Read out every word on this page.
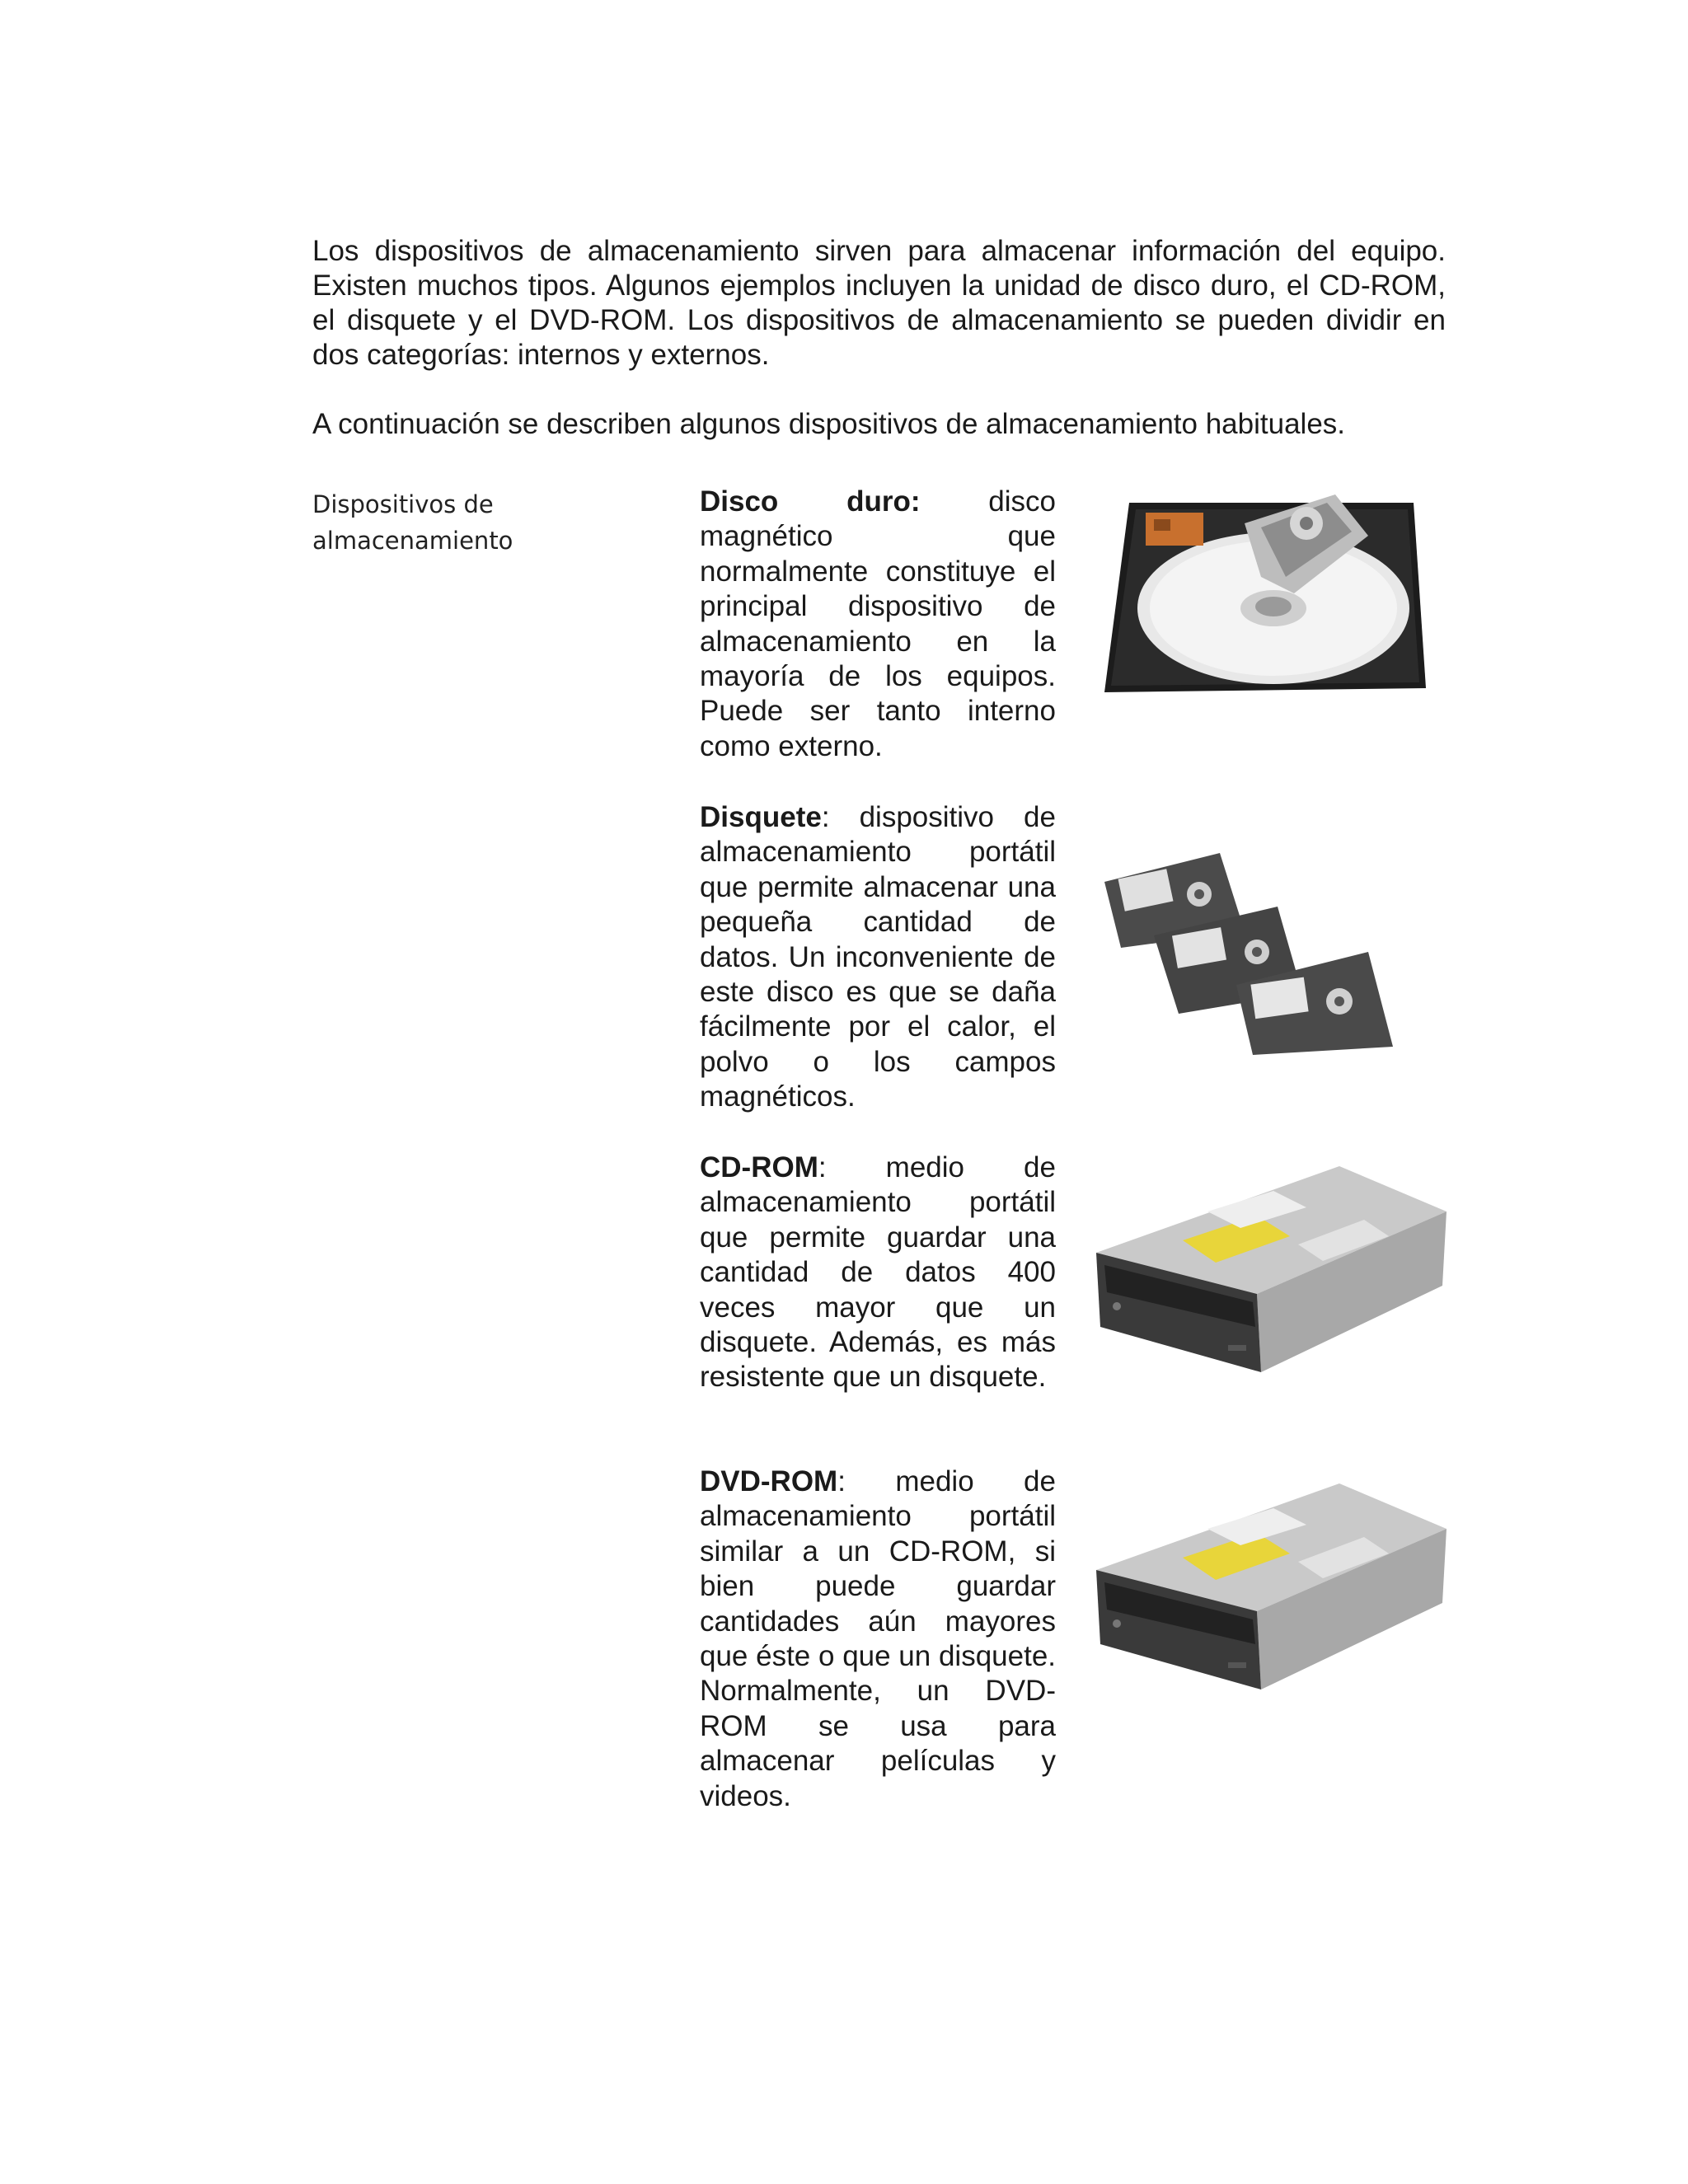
Los dispositivos de almacenamiento sirven para almacenar información del equipo. Existen muchos tipos. Algunos ejemplos incluyen la unidad de disco duro, el CD-ROM, el disquete y el DVD-ROM. Los dispositivos de almacenamiento se pueden dividir en dos categorías: internos y externos.

A continuación se describen algunos dispositivos de almacenamiento habituales.

Dispositivos de almacenamiento
Disco duro: disco magnético que normalmente constituye el principal dispositivo de almacenamiento en la mayoría de los equipos. Puede ser tanto interno como externo.
Disquete: dispositivo de almacenamiento portátil que permite almacenar una pequeña cantidad de datos. Un inconveniente de este disco es que se daña fácilmente por el calor, el polvo o los campos magnéticos.
CD-ROM: medio de almacenamiento portátil que permite guardar una cantidad de datos 400 veces mayor que un disquete. Además, es más resistente que un disquete.
DVD-ROM: medio de almacenamiento portátil similar a un CD-ROM, si bien puede guardar cantidades aún mayores que éste o que un disquete. Normalmente, un DVD-ROM se usa para almacenar películas y videos.
